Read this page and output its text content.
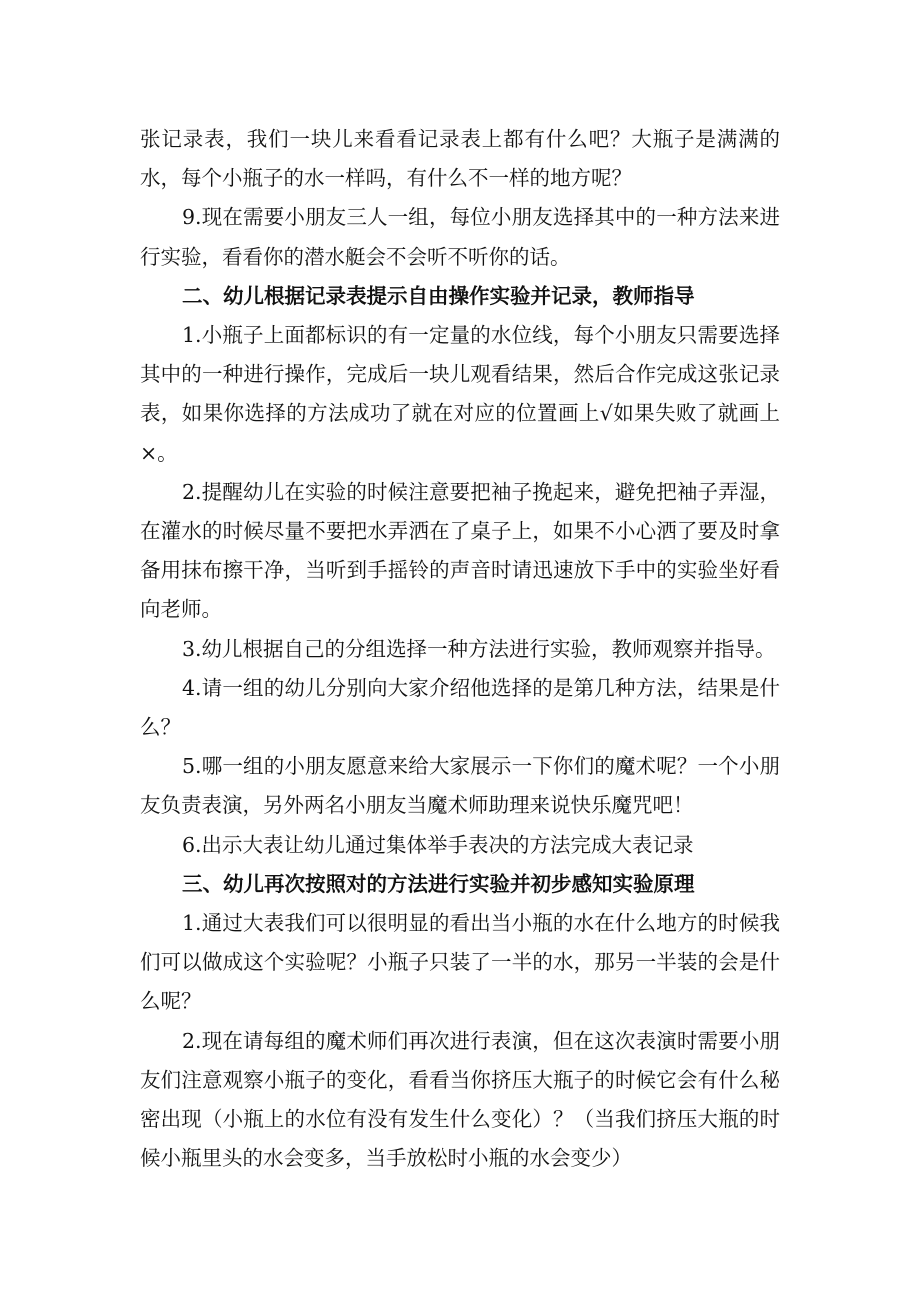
张记录表，我们一块儿来看看记录表上都有什么吧？大瓶子是满满的水，每个小瓶子的水一样吗，有什么不一样的地方呢？

9.现在需要小朋友三人一组，每位小朋友选择其中的一种方法来进行实验，看看你的潜水艇会不会听不听你的话。

二、幼儿根据记录表提示自由操作实验并记录，教师指导

1.小瓶子上面都标识的有一定量的水位线，每个小朋友只需要选择其中的一种进行操作，完成后一块儿观看结果，然后合作完成这张记录表，如果你选择的方法成功了就在对应的位置画上√如果失败了就画上×。

2.提醒幼儿在实验的时候注意要把袖子挽起来，避免把袖子弄湿，在灌水的时候尽量不要把水弄洒在了桌子上，如果不小心洒了要及时拿备用抹布擦干净，当听到手摇铃的声音时请迅速放下手中的实验坐好看向老师。

3.幼儿根据自己的分组选择一种方法进行实验，教师观察并指导。

4.请一组的幼儿分别向大家介绍他选择的是第几种方法，结果是什么？

5.哪一组的小朋友愿意来给大家展示一下你们的魔术呢？一个小朋友负责表演，另外两名小朋友当魔术师助理来说快乐魔咒吧！

6.出示大表让幼儿通过集体举手表决的方法完成大表记录

三、幼儿再次按照对的方法进行实验并初步感知实验原理

1.通过大表我们可以很明显的看出当小瓶的水在什么地方的时候我们可以做成这个实验呢？小瓶子只装了一半的水，那另一半装的会是什么呢？

2.现在请每组的魔术师们再次进行表演，但在这次表演时需要小朋友们注意观察小瓶子的变化，看看当你挤压大瓶子的时候它会有什么秘密出现（小瓶上的水位有没有发生什么变化）？（当我们挤压大瓶的时候小瓶里头的水会变多，当手放松时小瓶的水会变少）
